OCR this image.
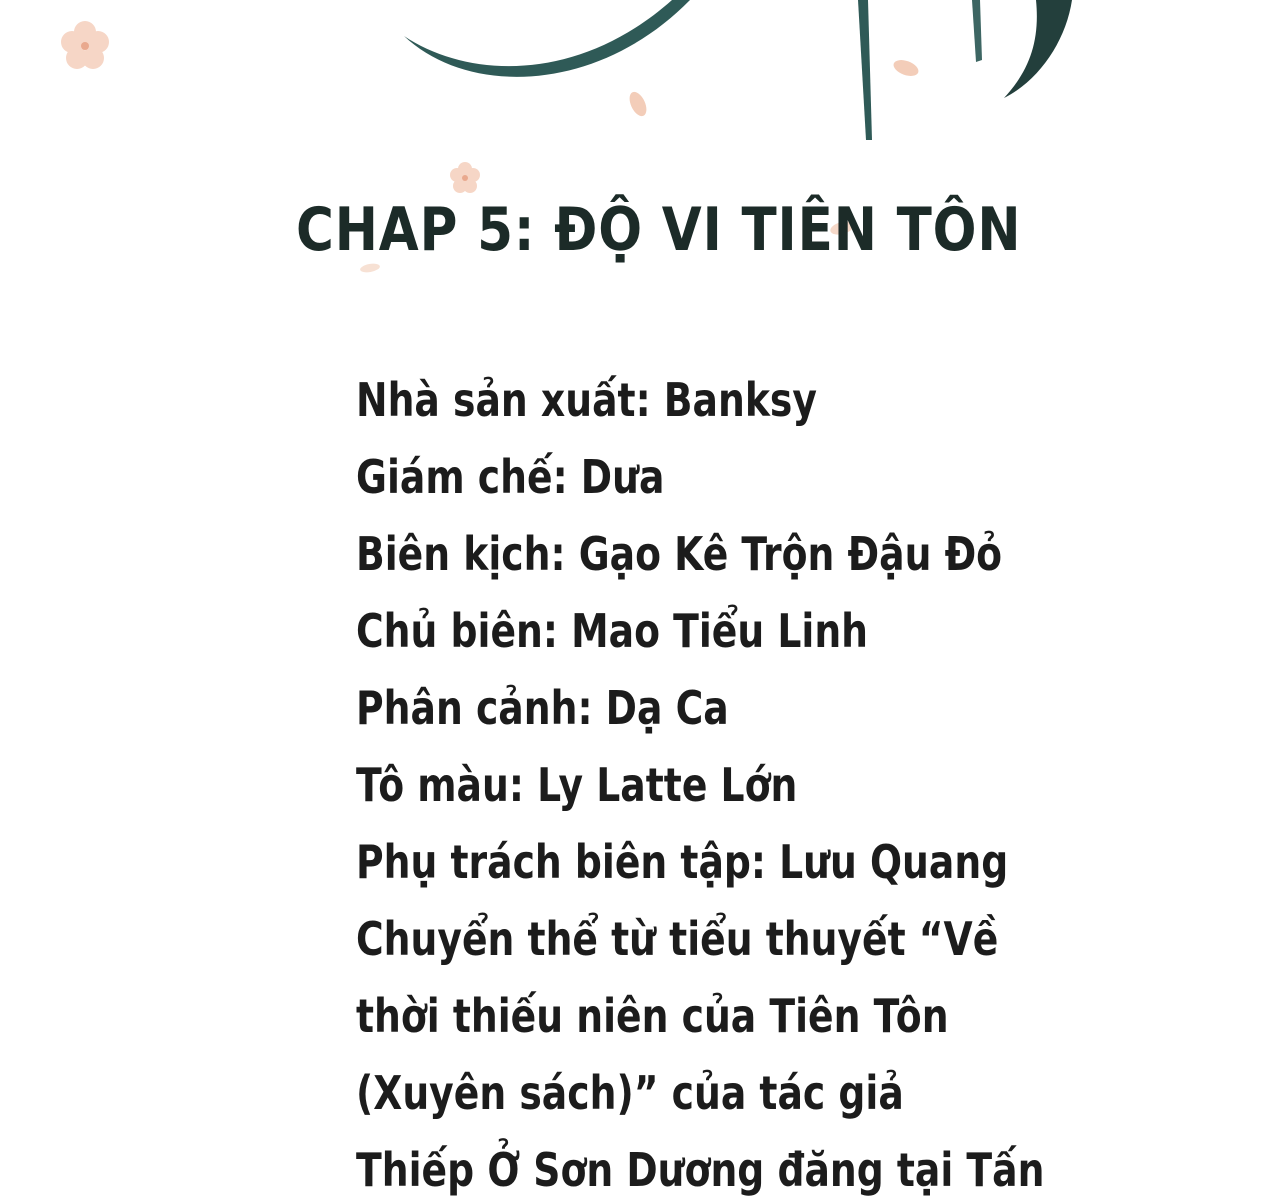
CHAP 5: ĐỘ VI TIÊN TÔN
Nhà sản xuất: Banksy
Giám chế: Dưa
Biên kịch: Gạo Kê Trộn Đậu Đỏ
Chủ biên: Mao Tiểu Linh
Phân cảnh: Dạ Ca
Tô màu: Ly Latte Lớn
Phụ trách biên tập: Lưu Quang
Chuyển thể từ tiểu thuyết “Về
thời thiếu niên của Tiên Tôn
(Xuyên sách)” của tác giả
Thiếp Ở Sơn Dương đăng tại Tấn
